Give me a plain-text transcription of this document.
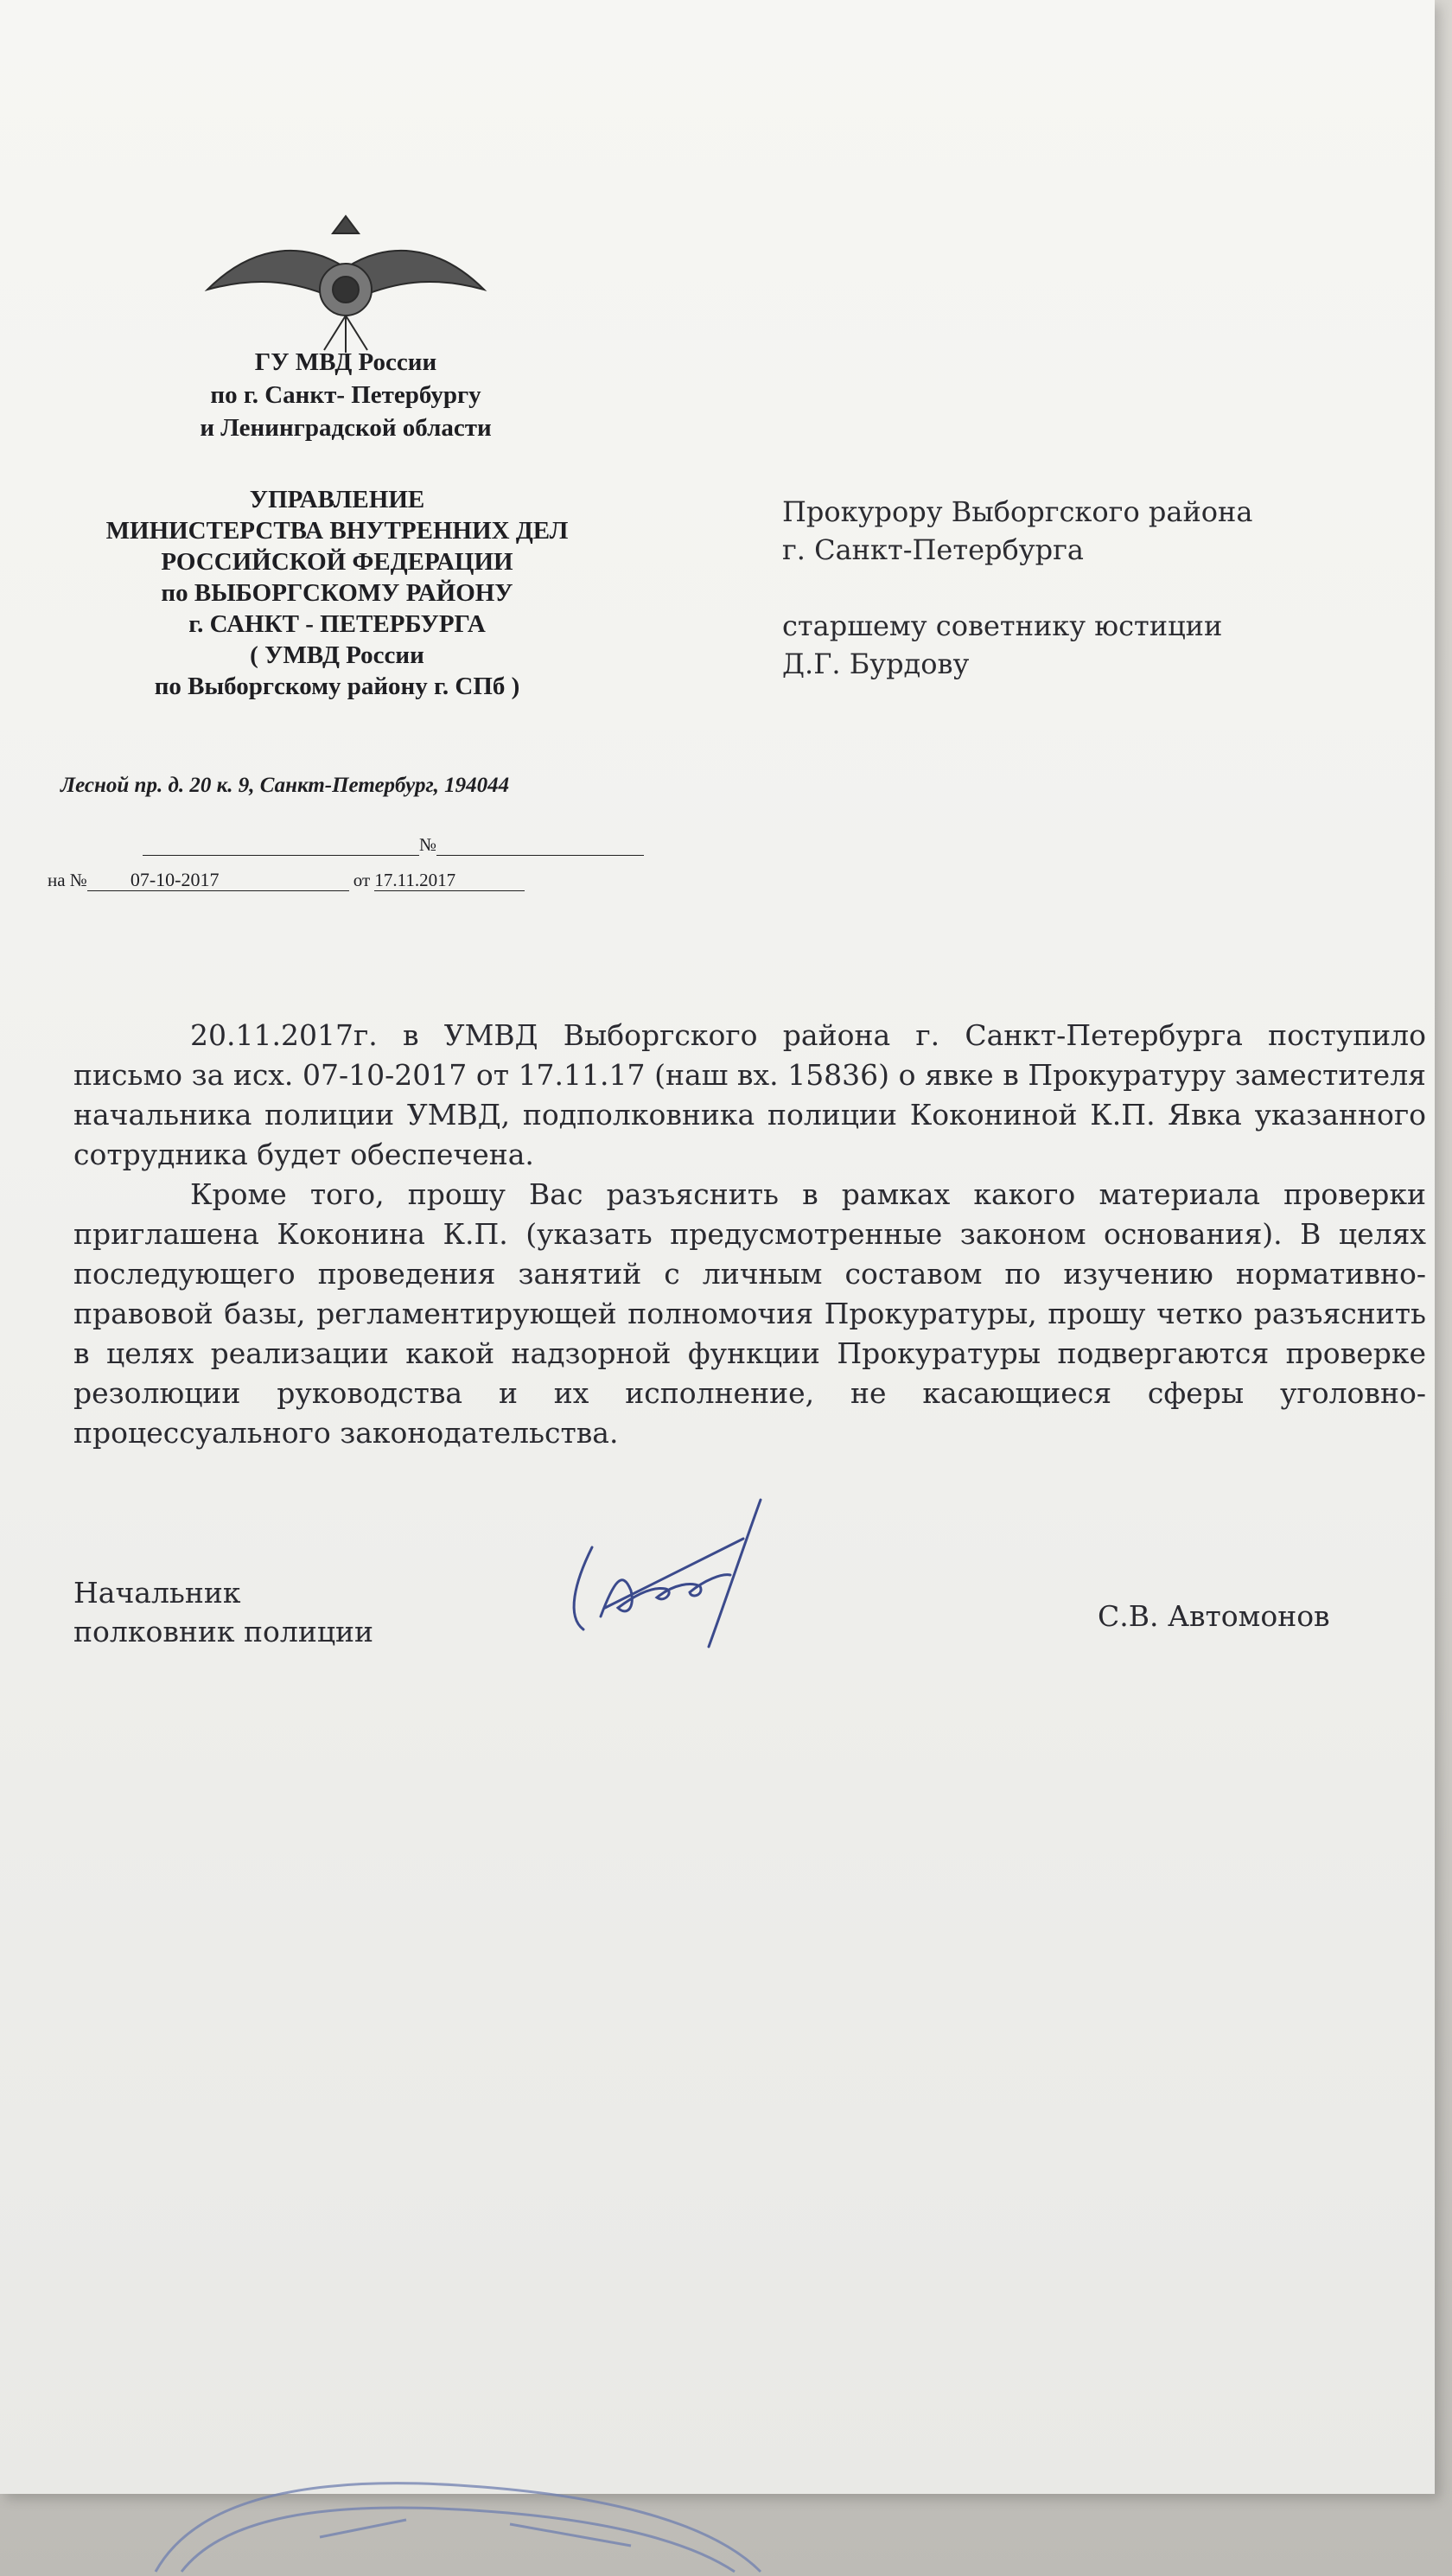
ГУ МВД России
по г. Санкт- Петербургу
и Ленинградской области
УПРАВЛЕНИЕ
МИНИСТЕРСТВА ВНУТРЕННИХ ДЕЛ
РОССИЙСКОЙ ФЕДЕРАЦИИ
по ВЫБОРГСКОМУ РАЙОНУ
г. САНКТ - ПЕТЕРБУРГА
( УМВД России
по Выборгскому району г. СПб )
Лесной пр. д. 20 к. 9, Санкт-Петербург, 194044
№
на № 07-10-2017	от 17.11.2017
Прокурору Выборгского района
г. Санкт-Петербурга
старшему советнику юстиции
Д.Г. Бурдову

20.11.2017г. в УМВД Выборгского района г. Санкт-Петербурга поступило письмо за исх. 07-10-2017 от 17.11.17 (наш вх. 15836) о явке в Прокуратуру заместителя начальника полиции УМВД, подполковника полиции Кокониной К.П. Явка указанного сотрудника будет обеспечена.

Кроме того, прошу Вас разъяснить в рамках какого материала проверки приглашена Коконина К.П. (указать предусмотренные законом основания). В целях последующего проведения занятий с личным составом по изучению нормативно-правовой базы, регламентирующей полномочия Прокуратуры, прошу четко разъяснить в целях реализации какой надзорной функции Прокуратуры подвергаются проверке резолюции руководства и их исполнение, не касающиеся сферы уголовно-процессуального законодательства.

Начальник
полковник полиции	С.В. Автомонов
